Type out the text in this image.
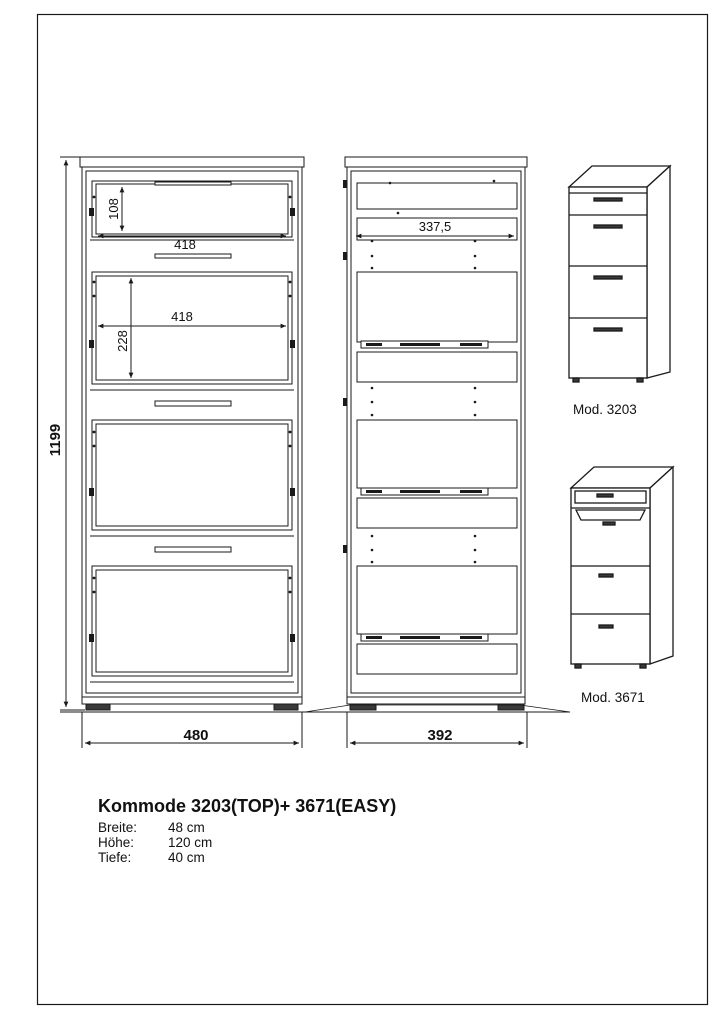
1199
480	392
108
418
228
418
337,5
Mod. 3203
Mod. 3671
Kommode 3203(TOP)+ 3671(EASY)
Breite: 48 cm
Höhe:	120 cm
Tiefe:	40 cm
